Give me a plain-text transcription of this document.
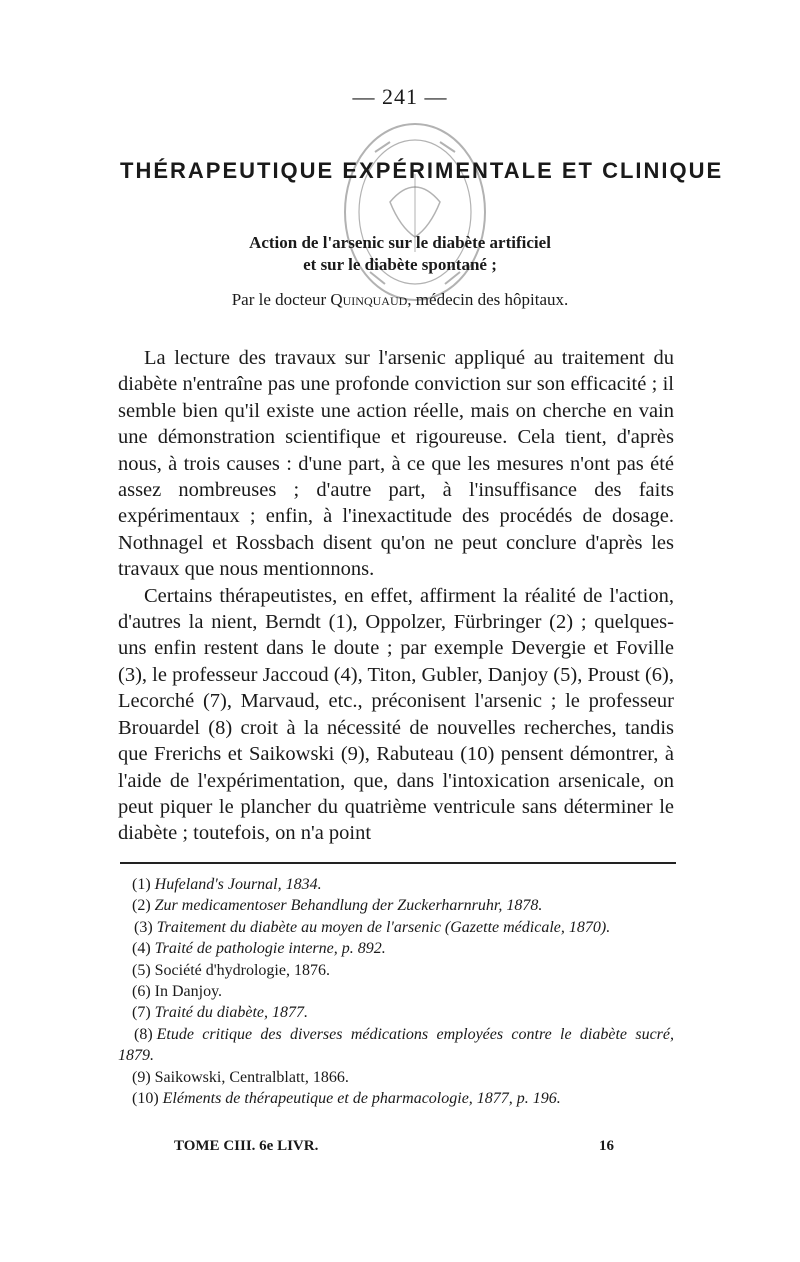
— 241 —
THÉRAPEUTIQUE EXPÉRIMENTALE ET CLINIQUE
Action de l'arsenic sur le diabète artificiel
et sur le diabète spontané ;
Par le docteur Quinquaud, médecin des hôpitaux.

La lecture des travaux sur l'arsenic appliqué au traitement du diabète n'entraîne pas une profonde conviction sur son efficacité ; il semble bien qu'il existe une action réelle, mais on cherche en vain une démonstration scientifique et rigoureuse. Cela tient, d'après nous, à trois causes : d'une part, à ce que les mesures n'ont pas été assez nombreuses ; d'autre part, à l'insuffisance des faits expérimentaux ; enfin, à l'inexactitude des procédés de dosage. Nothnagel et Rossbach disent qu'on ne peut conclure d'après les travaux que nous mentionnons.

Certains thérapeutistes, en effet, affirment la réalité de l'action, d'autres la nient, Berndt (1), Oppolzer, Fürbringer (2) ; quelques-uns enfin restent dans le doute ; par exemple Devergie et Foville (3), le professeur Jaccoud (4), Titon, Gubler, Danjoy (5), Proust (6), Lecorché (7), Marvaud, etc., préconisent l'arsenic ; le professeur Brouardel (8) croit à la nécessité de nouvelles recherches, tandis que Frerichs et Saikowski (9), Rabuteau (10) pensent démontrer, à l'aide de l'expérimentation, que, dans l'intoxication arsenicale, on peut piquer le plancher du quatrième ventricule sans déterminer le diabète ; toutefois, on n'a point

(1) Hufeland's Journal, 1834.

(2) Zur medicamentoser Behandlung der Zuckerharnruhr, 1878.

(3) Traitement du diabète au moyen de l'arsenic (Gazette médicale, 1870).

(4) Traité de pathologie interne, p. 892.

(5) Société d'hydrologie, 1876.

(6) In Danjoy.

(7) Traité du diabète, 1877.

(8) Etude critique des diverses médications employées contre le diabète sucré, 1879.

(9) Saikowski, Centralblatt, 1866.

(10) Eléments de thérapeutique et de pharmacologie, 1877, p. 196.

TOME CIII. 6e LIVR.	16
